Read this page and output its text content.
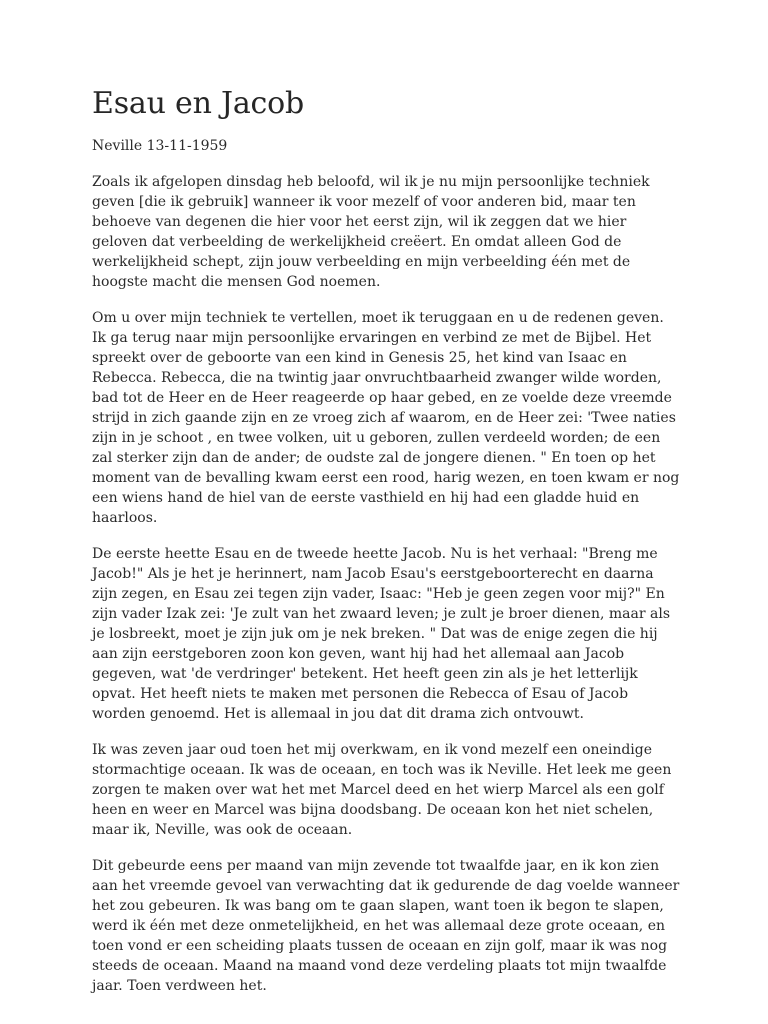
Esau en Jacob

Neville 13-11-1959

Zoals ik afgelopen dinsdag heb beloofd, wil ik je nu mijn persoonlijke techniek geven [die ik gebruik] wanneer ik voor mezelf of voor anderen bid, maar ten behoeve van degenen die hier voor het eerst zijn, wil ik zeggen dat we hier geloven dat verbeelding de werkelijkheid creëert. En omdat alleen God de werkelijkheid schept, zijn jouw verbeelding en mijn verbeelding één met de hoogste macht die mensen God noemen.

Om u over mijn techniek te vertellen, moet ik teruggaan en u de redenen geven. Ik ga terug naar mijn persoonlijke ervaringen en verbind ze met de Bijbel. Het spreekt over de geboorte van een kind in Genesis 25, het kind van Isaac en Rebecca. Rebecca, die na twintig jaar onvruchtbaarheid zwanger wilde worden, bad tot de Heer en de Heer reageerde op haar gebed, en ze voelde deze vreemde strijd in zich gaande zijn en ze vroeg zich af waarom, en de Heer zei: 'Twee naties zijn in je schoot , en twee volken, uit u geboren, zullen verdeeld worden; de een zal sterker zijn dan de ander; de oudste zal de jongere dienen. " En toen op het moment van de bevalling kwam eerst een rood, harig wezen, en toen kwam er nog een wiens hand de hiel van de eerste vasthield en hij had een gladde huid en haarloos.

De eerste heette Esau en de tweede heette Jacob. Nu is het verhaal: "Breng me Jacob!" Als je het je herinnert, nam Jacob Esau's eerstgeboorterecht en daarna zijn zegen, en Esau zei tegen zijn vader, Isaac: "Heb je geen zegen voor mij?" En zijn vader Izak zei: 'Je zult van het zwaard leven; je zult je broer dienen, maar als je losbreekt, moet je zijn juk om je nek breken. " Dat was de enige zegen die hij aan zijn eerstgeboren zoon kon geven, want hij had het allemaal aan Jacob gegeven, wat 'de verdringer' betekent. Het heeft geen zin als je het letterlijk opvat. Het heeft niets te maken met personen die Rebecca of Esau of Jacob worden genoemd. Het is allemaal in jou dat dit drama zich ontvouwt.

Ik was zeven jaar oud toen het mij overkwam, en ik vond mezelf een oneindige stormachtige oceaan. Ik was de oceaan, en toch was ik Neville. Het leek me geen zorgen te maken over wat het met Marcel deed en het wierp Marcel als een golf heen en weer en Marcel was bijna doodsbang. De oceaan kon het niet schelen, maar ik, Neville, was ook de oceaan.

Dit gebeurde eens per maand van mijn zevende tot twaalfde jaar, en ik kon zien aan het vreemde gevoel van verwachting dat ik gedurende de dag voelde wanneer het zou gebeuren. Ik was bang om te gaan slapen, want toen ik begon te slapen, werd ik één met deze onmetelijkheid, en het was allemaal deze grote oceaan, en toen vond er een scheiding plaats tussen de oceaan en zijn golf, maar ik was nog steeds de oceaan. Maand na maand vond deze verdeling plaats tot mijn twaalfde jaar. Toen verdween het.
